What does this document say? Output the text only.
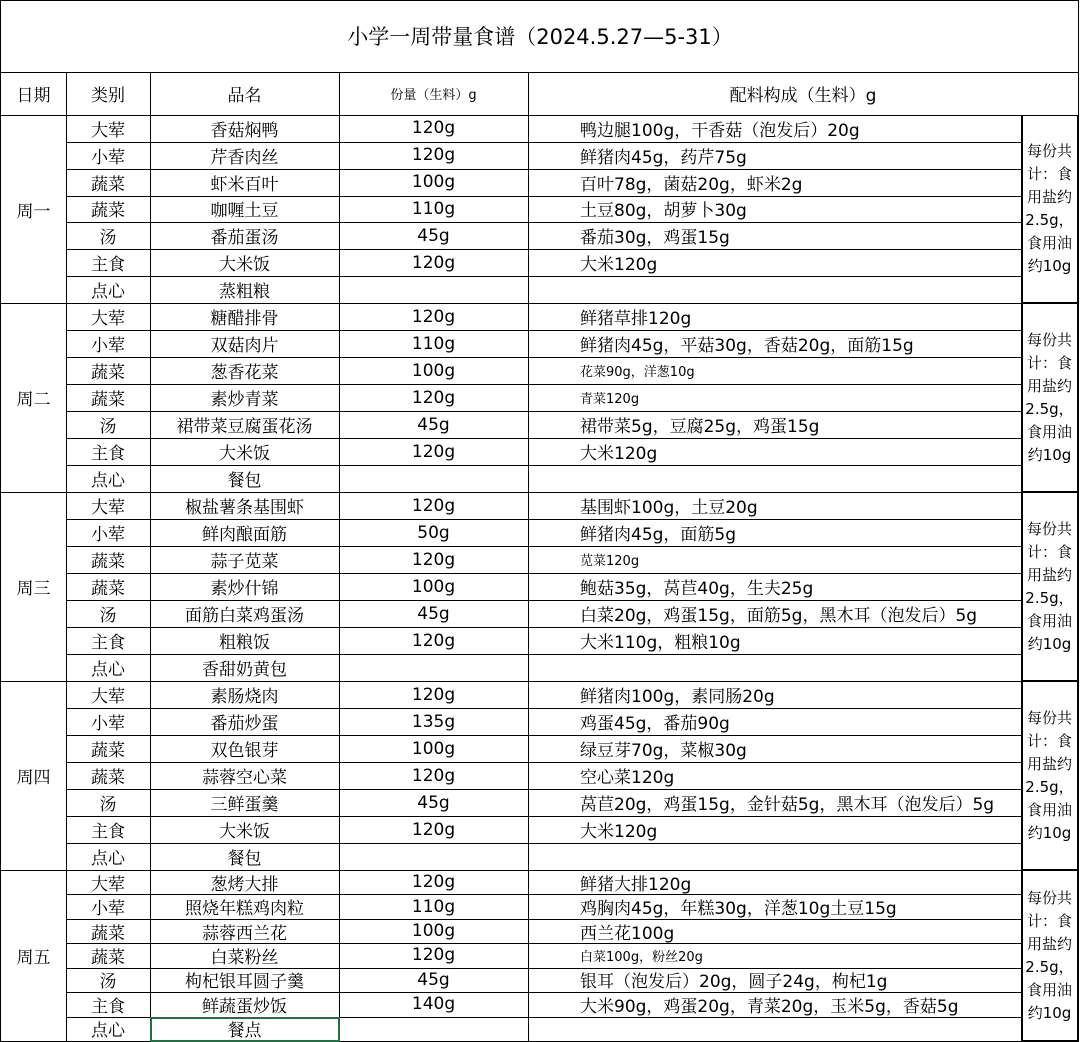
小学一周带量食谱（2024.5.27—5-31）
日期	类别	品名	份量（生料）g	配料构成（生料）g
周一
每份共计：食用盐约2.5g，食用油约10g
大荤	香菇焖鸭	120g	鸭边腿100g，干香菇（泡发后）20g
小荤	芹香肉丝	120g	鲜猪肉45g，药芹75g
蔬菜	虾米百叶	100g	百叶78g，菌菇20g，虾米2g
蔬菜	咖喱土豆	110g	土豆80g，胡萝卜30g
汤	番茄蛋汤	45g	番茄30g，鸡蛋15g
主食	大米饭	120g	大米120g
点心	蒸粗粮
周二
每份共计：食用盐约2.5g，食用油约10g
大荤	糖醋排骨	120g	鲜猪草排120g
小荤	双菇肉片	110g	鲜猪肉45g，平菇30g，香菇20g，面筋15g
蔬菜	葱香花菜	100g	花菜90g，洋葱10g
蔬菜	素炒青菜	120g	青菜120g
汤	裙带菜豆腐蛋花汤	45g	裙带菜5g，豆腐25g，鸡蛋15g
主食	大米饭	120g	大米120g
点心	餐包
周三
每份共计：食用盐约2.5g，食用油约10g
大荤	椒盐薯条基围虾	120g	基围虾100g，土豆20g
小荤	鲜肉酿面筋	50g	鲜猪肉45g，面筋5g
蔬菜	蒜子苋菜	120g	苋菜120g
蔬菜	素炒什锦	100g	鲍菇35g，莴苣40g，生夫25g
汤	面筋白菜鸡蛋汤	45g	白菜20g，鸡蛋15g，面筋5g，黑木耳（泡发后）5g
主食	粗粮饭	120g	大米110g，粗粮10g
点心	香甜奶黄包
周四
每份共计：食用盐约2.5g，食用油约10g
大荤	素肠烧肉	120g	鲜猪肉100g，素同肠20g
小荤	番茄炒蛋	135g	鸡蛋45g，番茄90g
蔬菜	双色银芽	100g	绿豆芽70g，菜椒30g
蔬菜	蒜蓉空心菜	120g	空心菜120g
汤	三鲜蛋羹	45g	莴苣20g，鸡蛋15g，金针菇5g，黑木耳（泡发后）5g
主食	大米饭	120g	大米120g
点心	餐包
周五
每份共计：食用盐约2.5g，食用油约10g
大荤	葱烤大排	120g	鲜猪大排120g
小荤	照烧年糕鸡肉粒	110g	鸡胸肉45g，年糕30g，洋葱10g土豆15g
蔬菜	蒜蓉西兰花	100g	西兰花100g
蔬菜	白菜粉丝	120g	白菜100g，粉丝20g
汤	枸杞银耳圆子羹	45g	银耳（泡发后）20g，圆子24g，枸杞1g
主食	鲜蔬蛋炒饭	140g	大米90g，鸡蛋20g，青菜20g，玉米5g，香菇5g
点心	餐点
